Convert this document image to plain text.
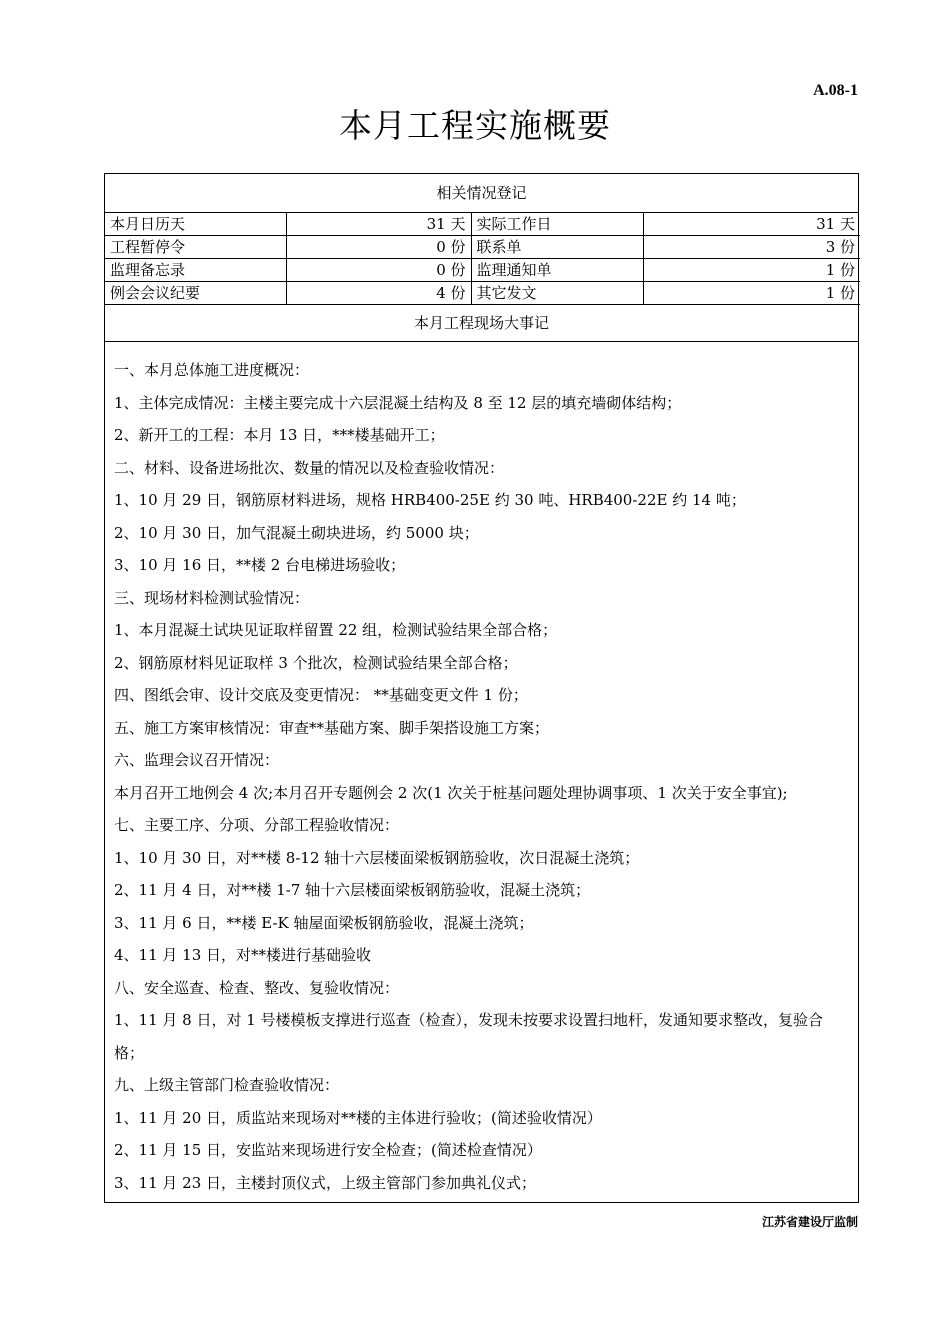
A.08-1
本月工程实施概要
相关情况登记
本月日历天	31 天	实际工作日	31 天
工程暂停令	0 份	联系单	3 份
监理备忘录	0 份	监理通知单	1 份
例会会议纪要	4 份	其它发文	1 份
本月工程现场大事记

一、本月总体施工进度概况：

1、主体完成情况：主楼主要完成十六层混凝土结构及 8 至 12 层的填充墙砌体结构；

2、新开工的工程：本月 13 日，***楼基础开工；

二、材料、设备进场批次、数量的情况以及检查验收情况：

1、10 月 29 日，钢筋原材料进场，规格 HRB400-25E 约 30 吨、HRB400-22E 约 14 吨；

2、10 月 30 日，加气混凝土砌块进场，约 5000 块；

3、10 月 16 日，**楼 2 台电梯进场验收；

三、现场材料检测试验情况：

1、本月混凝土试块见证取样留置 22 组，检测试验结果全部合格；

2、钢筋原材料见证取样 3 个批次，检测试验结果全部合格；

四、图纸会审、设计交底及变更情况： **基础变更文件 1 份；

五、施工方案审核情况：审查**基础方案、脚手架搭设施工方案；

六、监理会议召开情况：

本月召开工地例会 4 次;本月召开专题例会 2 次(1 次关于桩基问题处理协调事项、1 次关于安全事宜);

七、主要工序、分项、分部工程验收情况：

1、10 月 30 日，对**楼 8-12 轴十六层楼面梁板钢筋验收，次日混凝土浇筑；

2、11 月 4 日，对**楼 1-7 轴十六层楼面梁板钢筋验收，混凝土浇筑；

3、11 月 6 日，**楼 E-K 轴屋面梁板钢筋验收，混凝土浇筑；

4、11 月 13 日，对**楼进行基础验收

八、安全巡查、检查、整改、复验收情况：

1、11 月 8 日，对 1 号楼模板支撑进行巡查（检查），发现未按要求设置扫地杆，发通知要求整改，复验合格；

九、上级主管部门检查验收情况：

1、11 月 20 日，质监站来现场对**楼的主体进行验收；(简述验收情况）

2、11 月 15 日，安监站来现场进行安全检查；(简述检查情况）

3、11 月 23 日，主楼封顶仪式，上级主管部门参加典礼仪式；

江苏省建设厅监制
